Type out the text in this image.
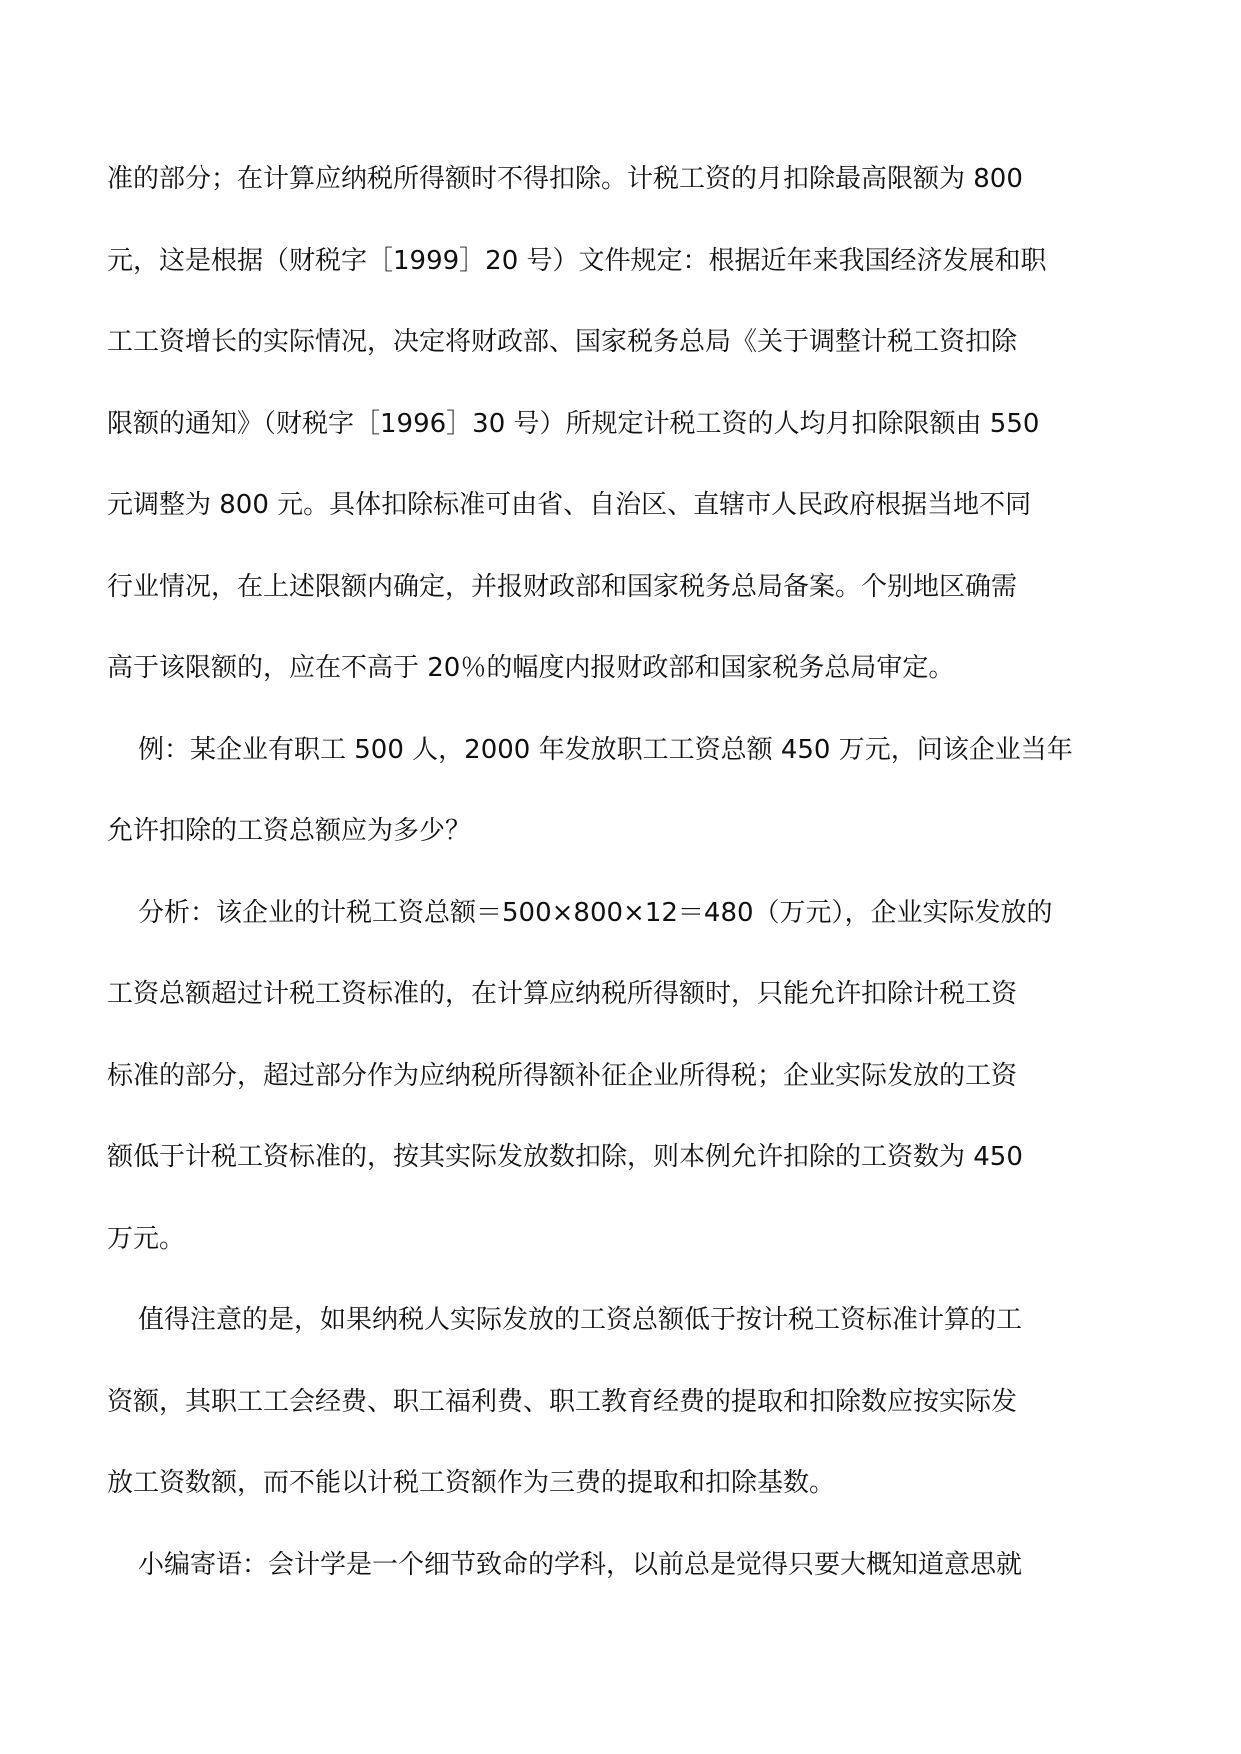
准的部分；在计算应纳税所得额时不得扣除。计税工资的月扣除最高限额为 800
元，这是根据（财税字［1999］20 号）文件规定：根据近年来我国经济发展和职
工工资增长的实际情况，决定将财政部、国家税务总局《关于调整计税工资扣除
限额的通知》（财税字［1996］30 号）所规定计税工资的人均月扣除限额由 550
元调整为 800 元。具体扣除标准可由省、自治区、直辖市人民政府根据当地不同
行业情况，在上述限额内确定，并报财政部和国家税务总局备案。个别地区确需
高于该限额的，应在不高于 20％的幅度内报财政部和国家税务总局审定。
例：某企业有职工 500 人，2000 年发放职工工资总额 450 万元，问该企业当年
允许扣除的工资总额应为多少？
分析：该企业的计税工资总额＝500×800×12＝480（万元），企业实际发放的
工资总额超过计税工资标准的，在计算应纳税所得额时，只能允许扣除计税工资
标准的部分，超过部分作为应纳税所得额补征企业所得税；企业实际发放的工资
额低于计税工资标准的，按其实际发放数扣除，则本例允许扣除的工资数为 450
万元。
值得注意的是，如果纳税人实际发放的工资总额低于按计税工资标准计算的工
资额，其职工工会经费、职工福利费、职工教育经费的提取和扣除数应按实际发
放工资数额，而不能以计税工资额作为三费的提取和扣除基数。
小编寄语：会计学是一个细节致命的学科，以前总是觉得只要大概知道意思就
